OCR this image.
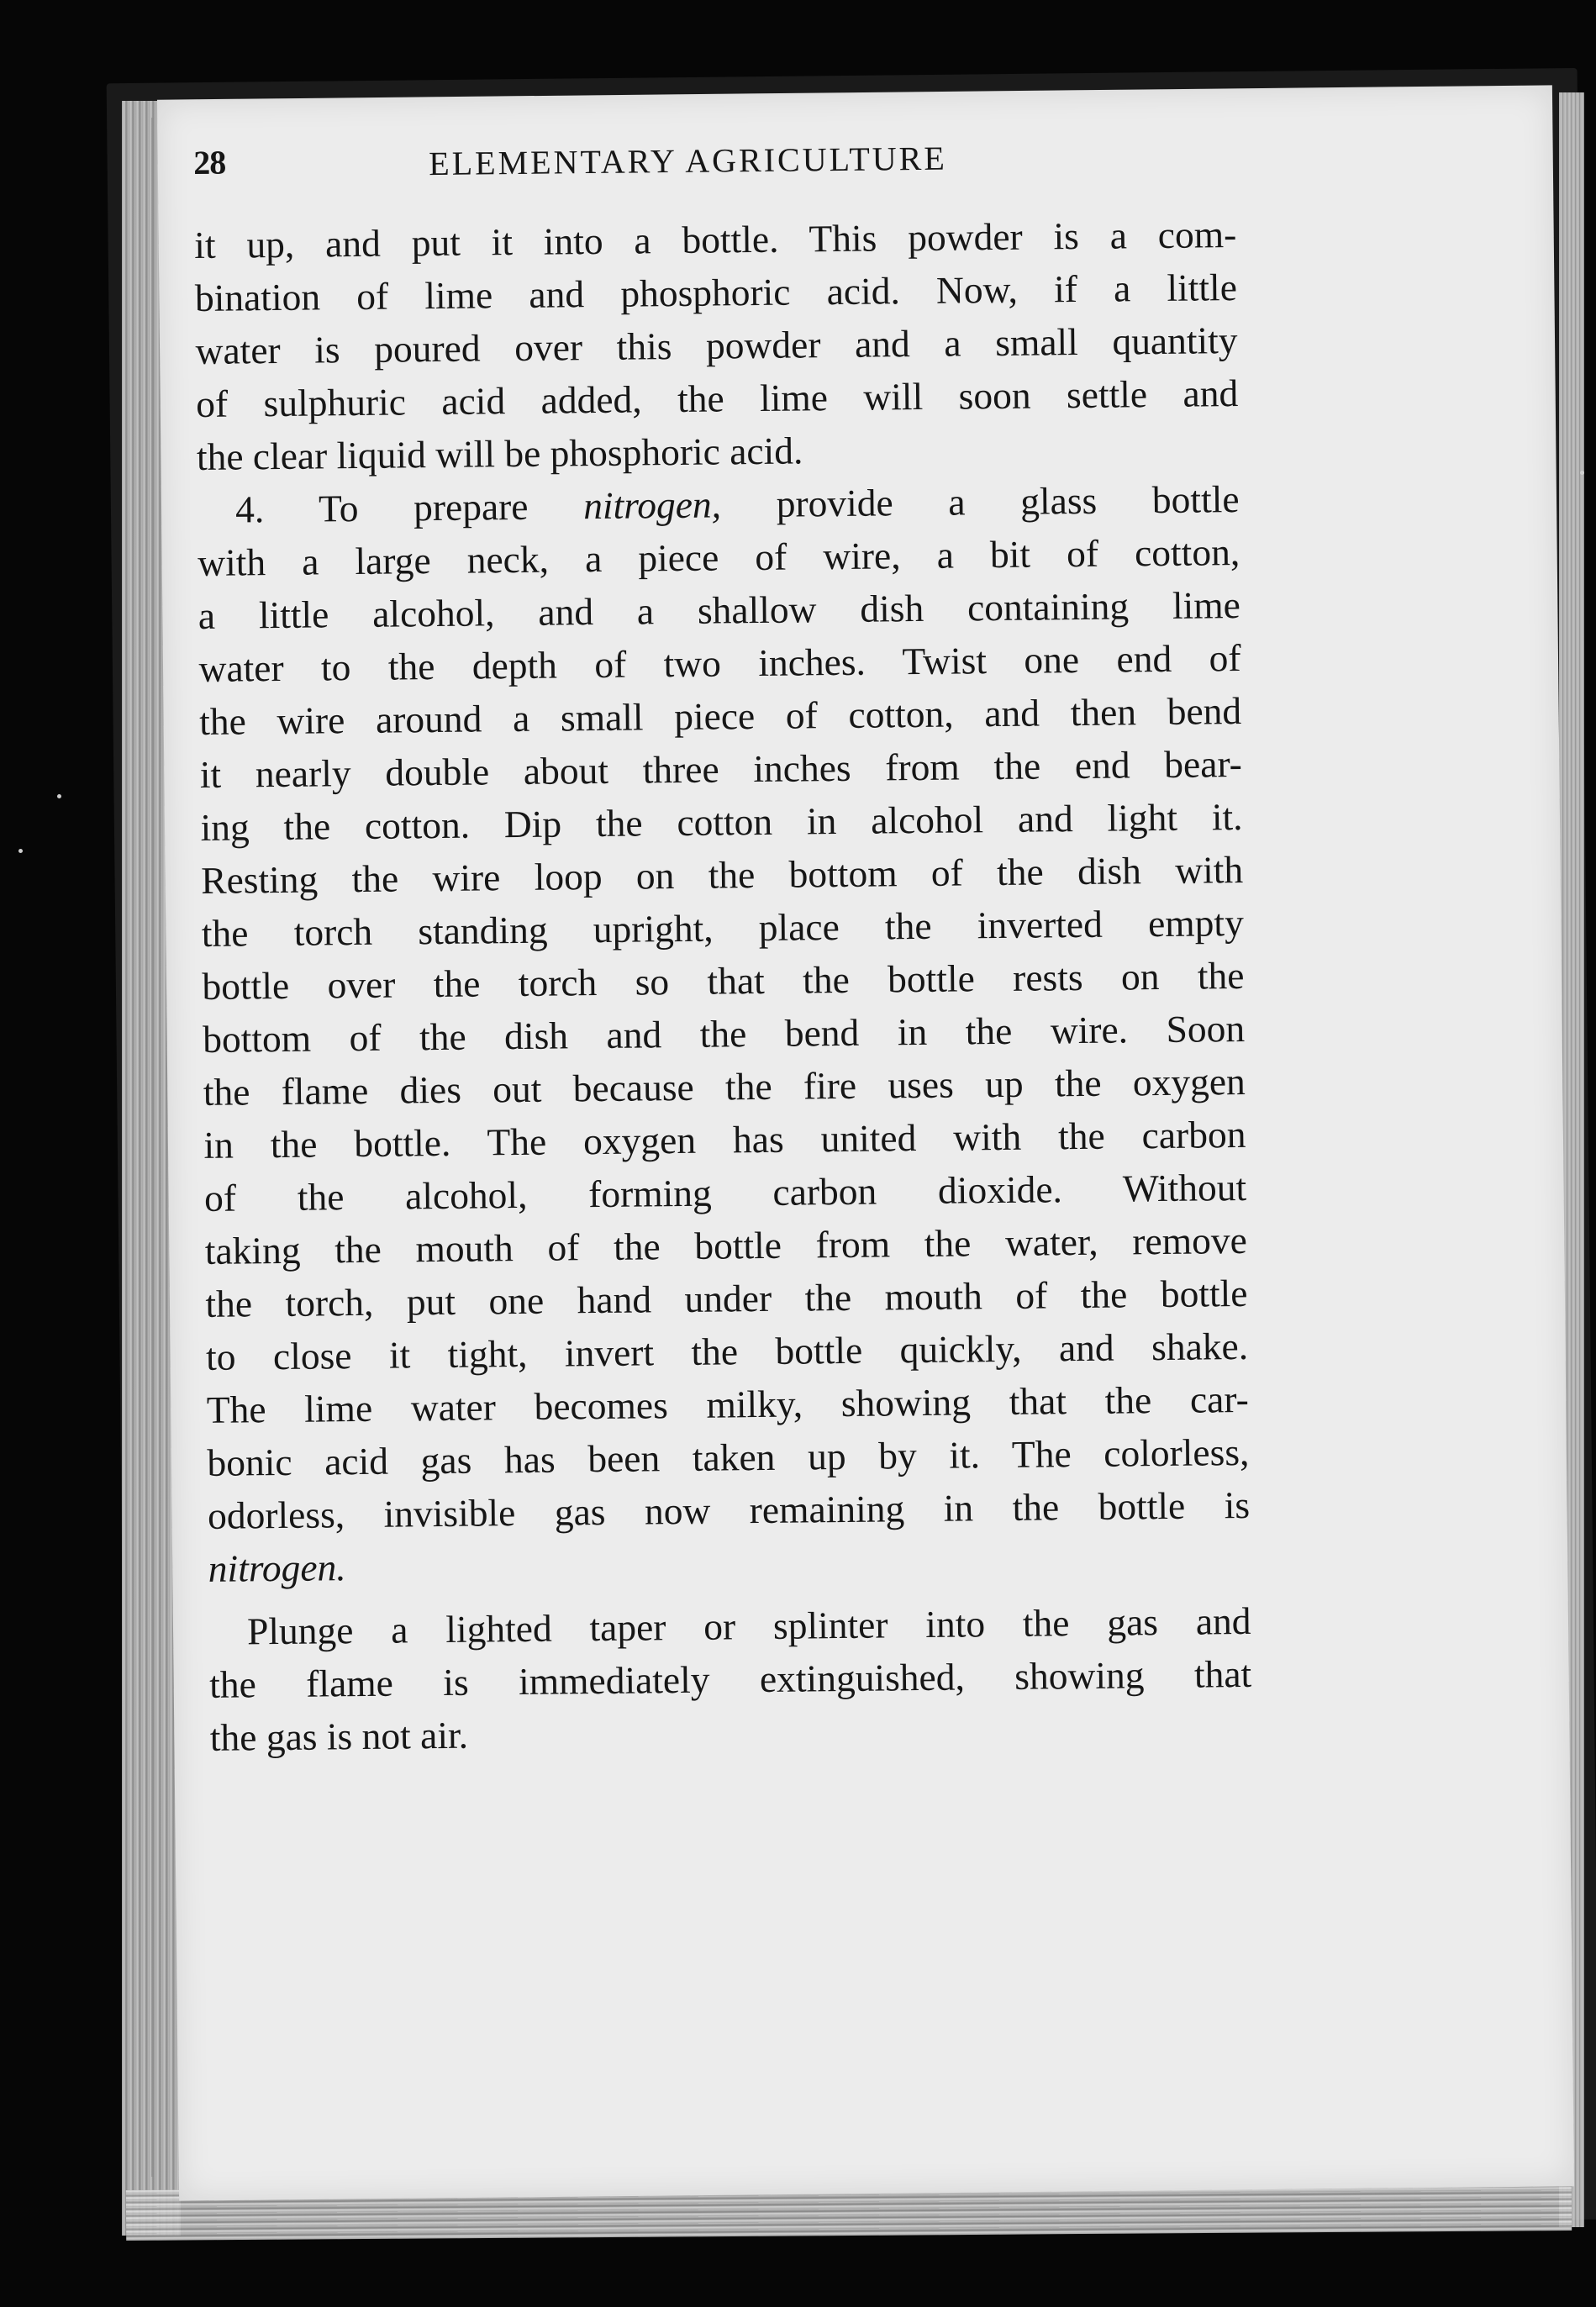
28	ELEMENTARY AGRICULTURE

it up, and put it into a bottle. This powder is a com-
bination of lime and phosphoric acid. Now, if a little
water is poured over this powder and a small quantity
of sulphuric acid added, the lime will soon settle and
the clear liquid will be phosphoric acid.

 4. To prepare nitrogen, provide a glass bottle
with a large neck, a piece of wire, a bit of cotton,
a little alcohol, and a shallow dish containing lime
water to the depth of two inches. Twist one end of
the wire around a small piece of cotton, and then bend
it nearly double about three inches from the end bear-
ing the cotton. Dip the cotton in alcohol and light it.
Resting the wire loop on the bottom of the dish with
the torch standing upright, place the inverted empty
bottle over the torch so that the bottle rests on the
bottom of the dish and the bend in the wire. Soon
the flame dies out because the fire uses up the oxygen
in the bottle. The oxygen has united with the carbon
of the alcohol, forming carbon dioxide. Without
taking the mouth of the bottle from the water, remove
the torch, put one hand under the mouth of the bottle
to close it tight, invert the bottle quickly, and shake.
The lime water becomes milky, showing that the car-
bonic acid gas has been taken up by it. The colorless,
odorless, invisible gas now remaining in the bottle is
nitrogen.

 Plunge a lighted taper or splinter into the gas and
the flame is immediately extinguished, showing that
the gas is not air.
